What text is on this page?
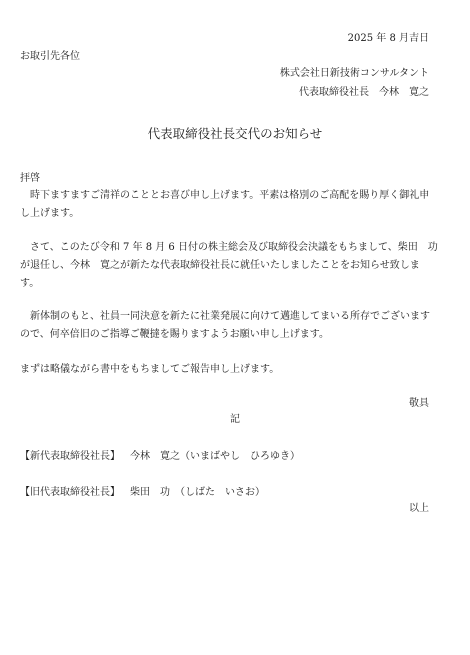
2025 年 8 月吉日
お取引先各位
株式会社日新技術コンサルタント
代表取締役社長　今林　寛之
代表取締役社長交代のお知らせ
拝啓
　時下ますますご清祥のこととお喜び申し上げます。平素は格別のご高配を賜り厚く御礼申し上げます。
　さて、このたび令和 7 年 8 月 6 日付の株主総会及び取締役会決議をもちまして、柴田　功が退任し、今林　寛之が新たな代表取締役社長に就任いたしましたことをお知らせ致します。
　新体制のもと、社員一同決意を新たに社業発展に向けて邁進してまいる所存でございますので、何卒倍旧のご指導ご鞭撻を賜りますようお願い申し上げます。
まずは略儀ながら書中をもちましてご報告申し上げます。
敬具
記
【新代表取締役社長】 今林　寛之（いまばやし　ひろゆき）
【旧代表取締役社長】 柴田　功　（しばた　いさお）
以上
